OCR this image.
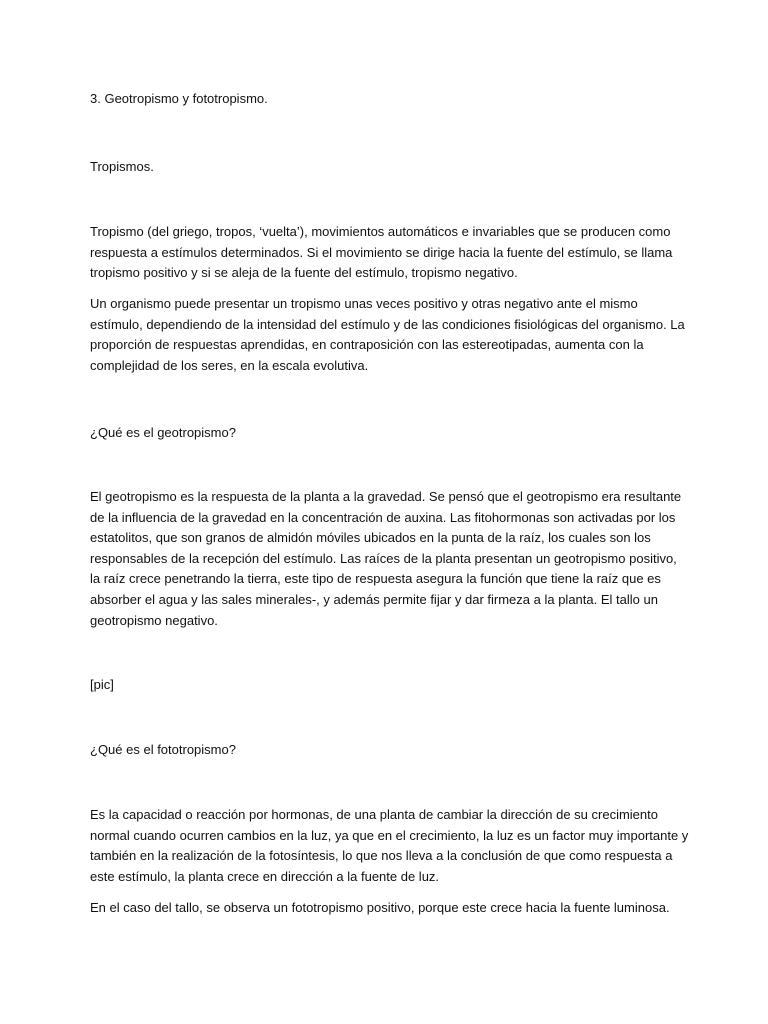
3. Geotropismo y fototropismo.

Tropismos.

Tropismo (del griego, tropos, ‘vuelta’), movimientos automáticos e invariables que se producen como respuesta a estímulos determinados. Si el movimiento se dirige hacia la fuente del estímulo, se llama tropismo positivo y si se aleja de la fuente del estímulo, tropismo negativo.

Un organismo puede presentar un tropismo unas veces positivo y otras negativo ante el mismo estímulo, dependiendo de la intensidad del estímulo y de las condiciones fisiológicas del organismo. La proporción de respuestas aprendidas, en contraposición con las estereotipadas, aumenta con la complejidad de los seres, en la escala evolutiva.

¿Qué es el geotropismo?

El geotropismo es la respuesta de la planta a la gravedad. Se pensó que el geotropismo era resultante de la influencia de la gravedad en la concentración de auxina. Las fitohormonas son activadas por los estatolitos, que son granos de almidón móviles ubicados en la punta de la raíz, los cuales son los responsables de la recepción del estímulo. Las raíces de la planta presentan un geotropismo positivo, la raíz crece penetrando la tierra, este tipo de respuesta asegura la función que tiene la raíz que es absorber el agua y las sales minerales-, y además permite fijar y dar firmeza a la planta. El tallo un geotropismo negativo.

[pic]

¿Qué es el fototropismo?

Es la capacidad o reacción por hormonas, de una planta de cambiar la dirección de su crecimiento normal cuando ocurren cambios en la luz, ya que en el crecimiento, la luz es un factor muy importante y también en la realización de la fotosíntesis, lo que nos lleva a la conclusión de que como respuesta a este estímulo, la planta crece en dirección a la fuente de luz.

En el caso del tallo, se observa un fototropismo positivo, porque este crece hacia la fuente luminosa.
